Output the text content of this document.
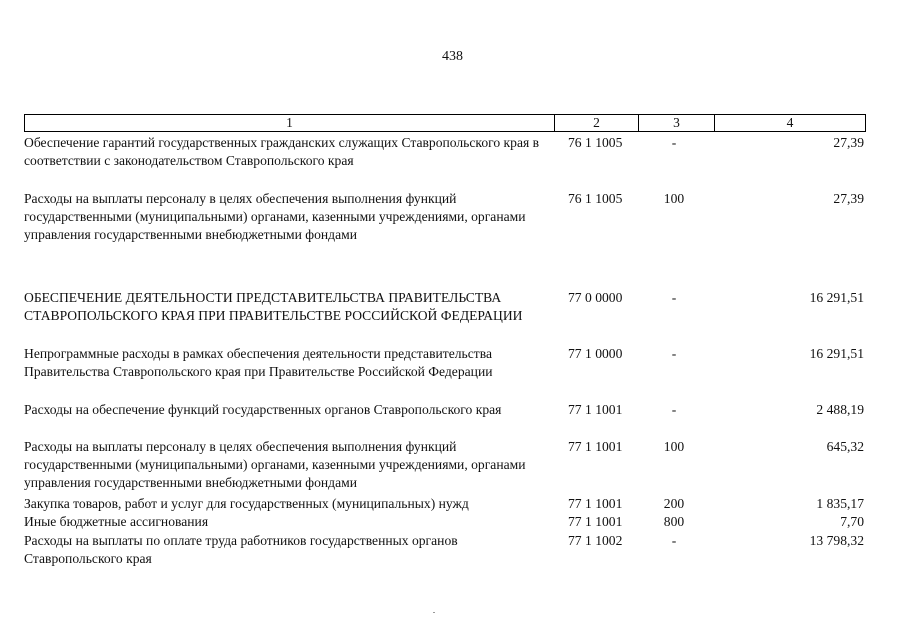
438
1	2	3	4
Обеспечение гарантий государственных гражданских служащих Ставропольского края в соответствии с законодательством Ставропольского края
76 1 1005	-	27,39
Расходы на выплаты персоналу в целях обеспечения выполнения функций государственными (муниципальными) органами, казенными учреждениями, органами управления государственными внебюджетными фондами
76 1 1005	100	27,39
ОБЕСПЕЧЕНИЕ ДЕЯТЕЛЬНОСТИ ПРЕДСТАВИТЕЛЬСТВА ПРАВИТЕЛЬСТВА СТАВРОПОЛЬСКОГО КРАЯ ПРИ ПРАВИТЕЛЬСТВЕ РОССИЙСКОЙ ФЕДЕРАЦИИ
77 0 0000	-	16 291,51
Непрограммные расходы в рамках обеспечения деятельности представительства Правительства Ставропольского края при Правительстве Российской Федерации
77 1 0000	-	16 291,51
Расходы на обеспечение функций государственных органов Ставропольского края	77 1 1001	-	2 488,19
Расходы на выплаты персоналу в целях обеспечения выполнения функций государственными (муниципальными) органами, казенными учреждениями, органами управления государственными внебюджетными фондами
77 1 1001	100	645,32
Закупка товаров, работ и услуг для государственных (муниципальных) нужд	77 1 1001	200	1 835,17
Иные бюджетные ассигнования	77 1 1001	800	7,70
Расходы на выплаты по оплате труда работников государственных органов Ставропольского края
77 1 1002	-	13 798,32
